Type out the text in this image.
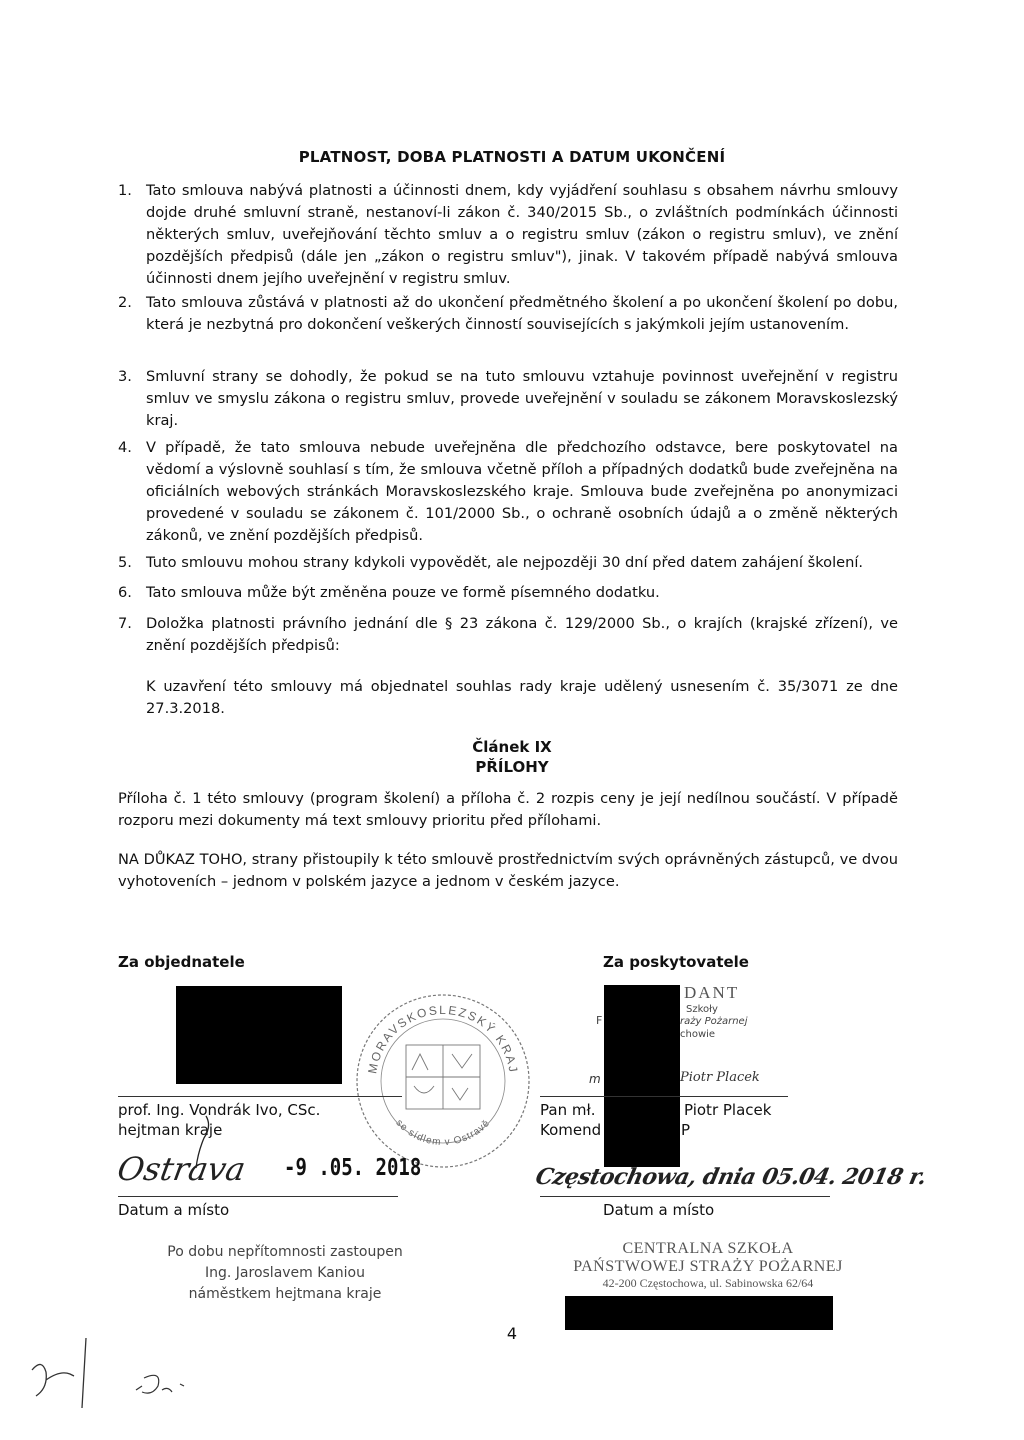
PLATNOST, DOBA PLATNOSTI A DATUM UKONČENÍ
1. Tato smlouva nabývá platnosti a účinnosti dnem, kdy vyjádření souhlasu s obsahem návrhu smlouvy dojde druhé smluvní straně, nestanoví-li zákon č. 340/2015 Sb., o zvláštních podmínkách účinnosti některých smluv, uveřejňování těchto smluv a o registru smluv (zákon o registru smluv), ve znění pozdějších předpisů (dále jen „zákon o registru smluv"), jinak. V takovém případě nabývá smlouva účinnosti dnem jejího uveřejnění v registru smluv.
2. Tato smlouva zůstává v platnosti až do ukončení předmětného školení a po ukončení školení po dobu, která je nezbytná pro dokončení veškerých činností souvisejících s jakýmkoli jejím ustanovením.
3. Smluvní strany se dohodly, že pokud se na tuto smlouvu vztahuje povinnost uveřejnění v registru smluv ve smyslu zákona o registru smluv, provede uveřejnění v souladu se zákonem Moravskoslezský kraj.
4. V případě, že tato smlouva nebude uveřejněna dle předchozího odstavce, bere poskytovatel na vědomí a výslovně souhlasí s tím, že smlouva včetně příloh a případných dodatků bude zveřejněna na oficiálních webových stránkách Moravskoslezského kraje. Smlouva bude zveřejněna po anonymizaci provedené v souladu se zákonem č. 101/2000 Sb., o ochraně osobních údajů a o změně některých zákonů, ve znění pozdějších předpisů.
5. Tuto smlouvu mohou strany kdykoli vypovědět, ale nejpozději 30 dní před datem zahájení školení.
6. Tato smlouva může být změněna pouze ve formě písemného dodatku.
7. Doložka platnosti právního jednání dle § 23 zákona č. 129/2000 Sb., o krajích (krajské zřízení), ve znění pozdějších předpisů:
K uzavření této smlouvy má objednatel souhlas rady kraje udělený usnesením č. 35/3071 ze dne 27.3.2018.
Článek IX
PŘÍLOHY
Příloha č. 1 této smlouvy (program školení) a příloha č. 2 rozpis ceny je její nedílnou součástí. V případě rozporu mezi dokumenty má text smlouvy prioritu před přílohami.
NA DŮKAZ TOHO, strany přistoupily k této smlouvě prostřednictvím svých oprávněných zástupců, ve dvou vyhotoveních – jednom v polském jazyce a jednom v českém jazyce.
Za objednatele
MORAVSKOSLEZSKÝ KRAJ
se sídlem v Ostravě
prof. Ing. Vondrák Ivo, CSc.
hejtman kraje
Ostrava -9 .05. 2018
Datum a místo
Po dobu nepřítomnosti zastoupen
Ing. Jaroslavem Kaniou
náměstkem hejtmana kraje
Za poskytovatele
DANT
Szkoły
F	raży Pożarnej
chowie
m	Piotr Placek
Pan mł.	Piotr Placek
Komend	P
Częstochowa, dnia 05.04. 2018 r.
Datum a místo
CENTRALNA SZKOŁA
PAŃSTWOWEJ STRAŻY POŻARNEJ
42-200 Częstochowa, ul. Sabinowska 62/64
4
